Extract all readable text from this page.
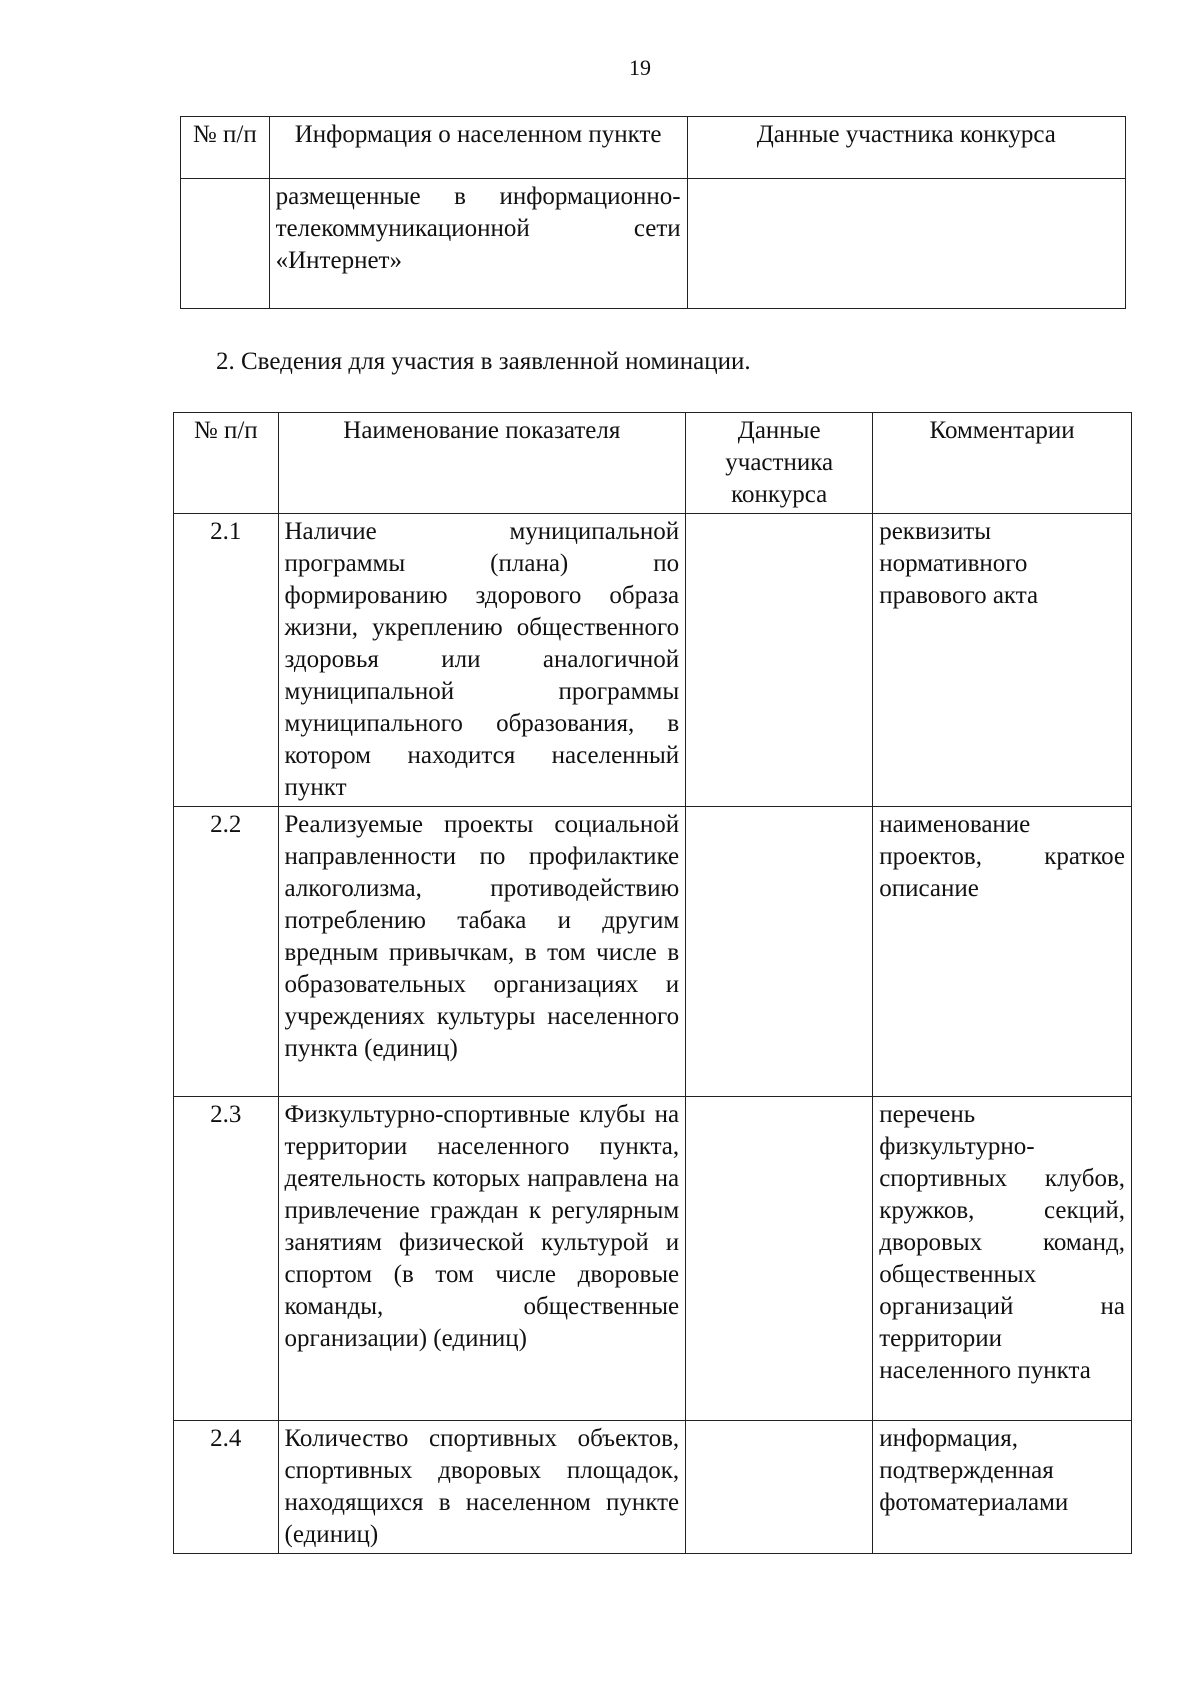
19
№ п/п	Информация о населенном пункте	Данные участника конкурса
	размещенные в информационно-телекоммуникационной сети «Интернет»	
2. Сведения для участия в заявленной номинации.
№ п/п	Наименование показателя	Данные участника конкурса	Комментарии
2.1	Наличие муниципальной программы (плана) по формированию здорового образа жизни, укреплению общественного здоровья или аналогичной муниципальной программы муниципального образования, в котором находится населенный пункт		реквизиты нормативного правового акта
2.2	Реализуемые проекты социальной направленности по профилактике алкоголизма, противодействию потреблению табака и другим вредным привычкам, в том числе в образовательных организациях и учреждениях культуры населенного пункта (единиц)		наименование проектов, краткое описание
2.3	Физкультурно-спортивные клубы на территории населенного пункта, деятельность которых направлена на привлечение граждан к регулярным занятиям физической культурой и спортом (в том числе дворовые команды, общественные организации) (единиц)		перечень физкультурно-спортивных клубов, кружков, секций, дворовых команд, общественных организаций на территории населенного пункта
2.4	Количество спортивных объектов, спортивных дворовых площадок, находящихся в населенном пункте (единиц)		информация, подтвержденная фотоматериалами
